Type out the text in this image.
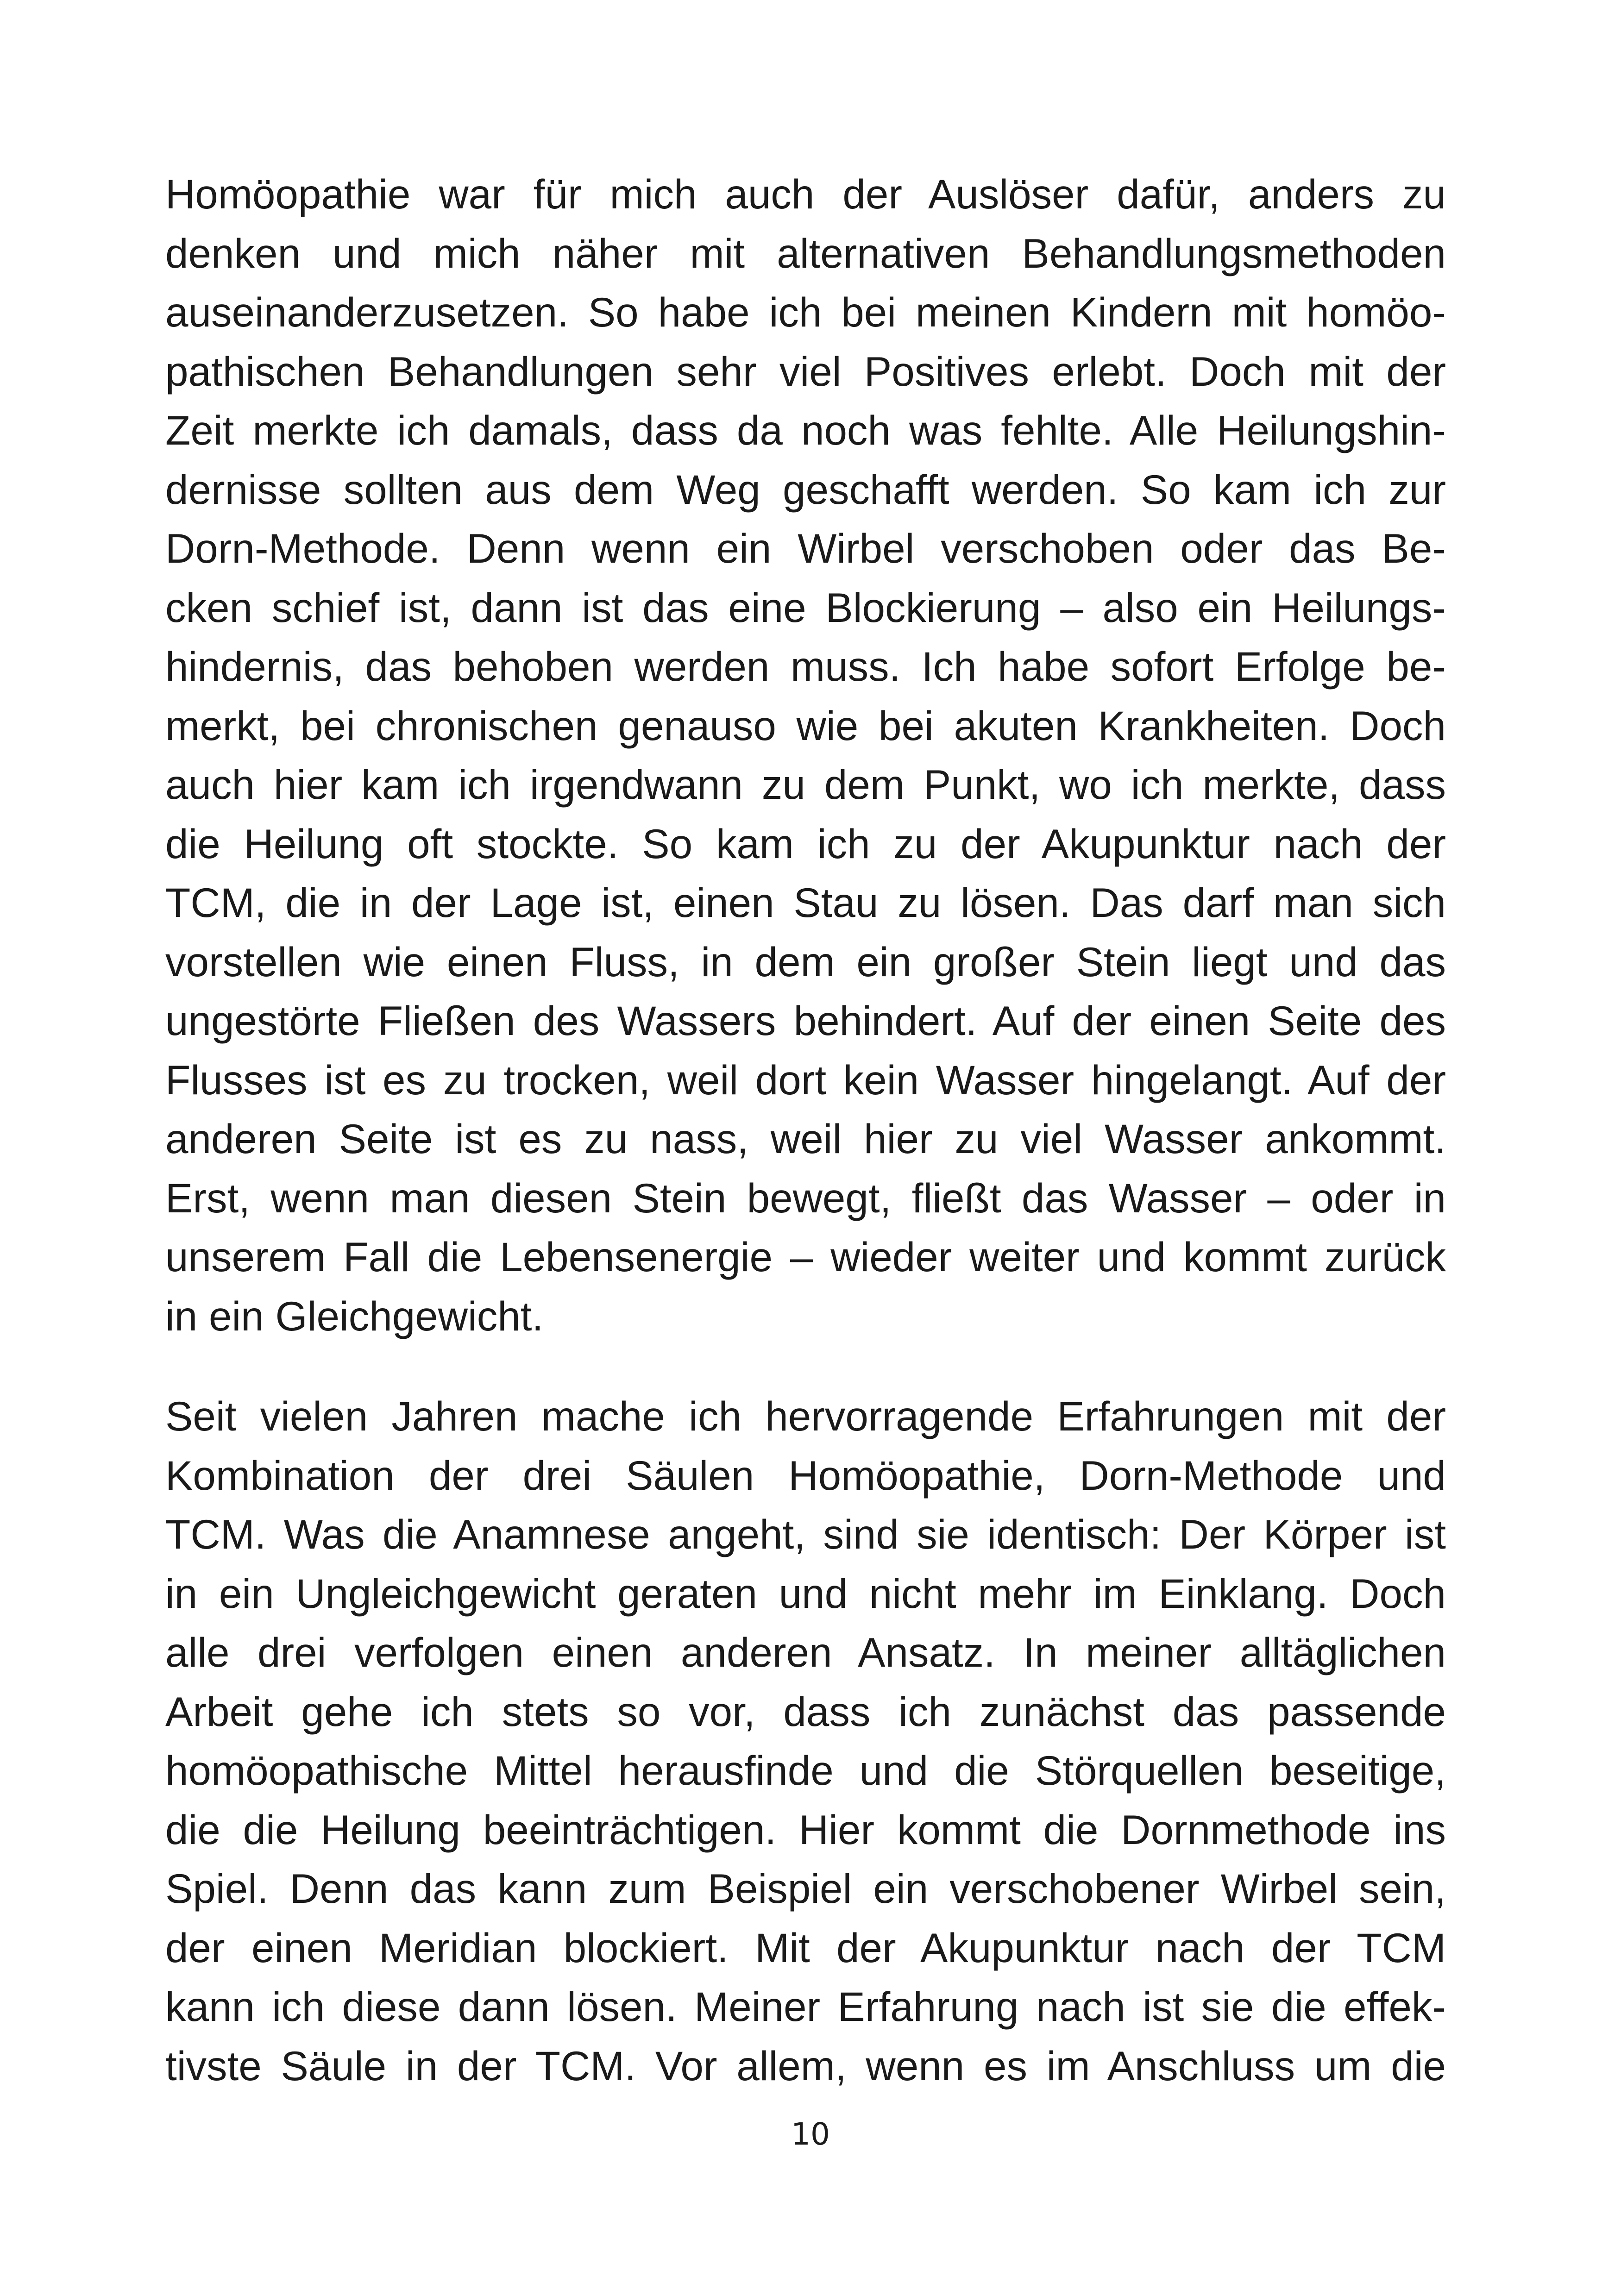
Homöopathie war für mich auch der Auslöser dafür, anders zu
denken und mich näher mit alternativen Behandlungsmethoden
auseinanderzusetzen. So habe ich bei meinen Kindern mit homöo-
pathischen Behandlungen sehr viel Positives erlebt. Doch mit der
Zeit merkte ich damals, dass da noch was fehlte. Alle Heilungshin-
dernisse sollten aus dem Weg geschafft werden. So kam ich zur
Dorn-Methode. Denn wenn ein Wirbel verschoben oder das Be-
cken schief ist, dann ist das eine Blockierung – also ein Heilungs-
hindernis, das behoben werden muss. Ich habe sofort Erfolge be-
merkt, bei chronischen genauso wie bei akuten Krankheiten. Doch
auch hier kam ich irgendwann zu dem Punkt, wo ich merkte, dass
die Heilung oft stockte. So kam ich zu der Akupunktur nach der
TCM, die in der Lage ist, einen Stau zu lösen. Das darf man sich
vorstellen wie einen Fluss, in dem ein großer Stein liegt und das
ungestörte Fließen des Wassers behindert. Auf der einen Seite des
Flusses ist es zu trocken, weil dort kein Wasser hingelangt. Auf der
anderen Seite ist es zu nass, weil hier zu viel Wasser ankommt.
Erst, wenn man diesen Stein bewegt, fließt das Wasser – oder in
unserem Fall die Lebensenergie – wieder weiter und kommt zurück
in ein Gleichgewicht.
Seit vielen Jahren mache ich hervorragende Erfahrungen mit der
Kombination der drei Säulen Homöopathie, Dorn-Methode und
TCM. Was die Anamnese angeht, sind sie identisch: Der Körper ist
in ein Ungleichgewicht geraten und nicht mehr im Einklang. Doch
alle drei verfolgen einen anderen Ansatz. In meiner alltäglichen
Arbeit gehe ich stets so vor, dass ich zunächst das passende
homöopathische Mittel herausfinde und die Störquellen beseitige,
die die Heilung beeinträchtigen. Hier kommt die Dornmethode ins
Spiel. Denn das kann zum Beispiel ein verschobener Wirbel sein,
der einen Meridian blockiert. Mit der Akupunktur nach der TCM
kann ich diese dann lösen. Meiner Erfahrung nach ist sie die effek-
tivste Säule in der TCM. Vor allem, wenn es im Anschluss um die
10
